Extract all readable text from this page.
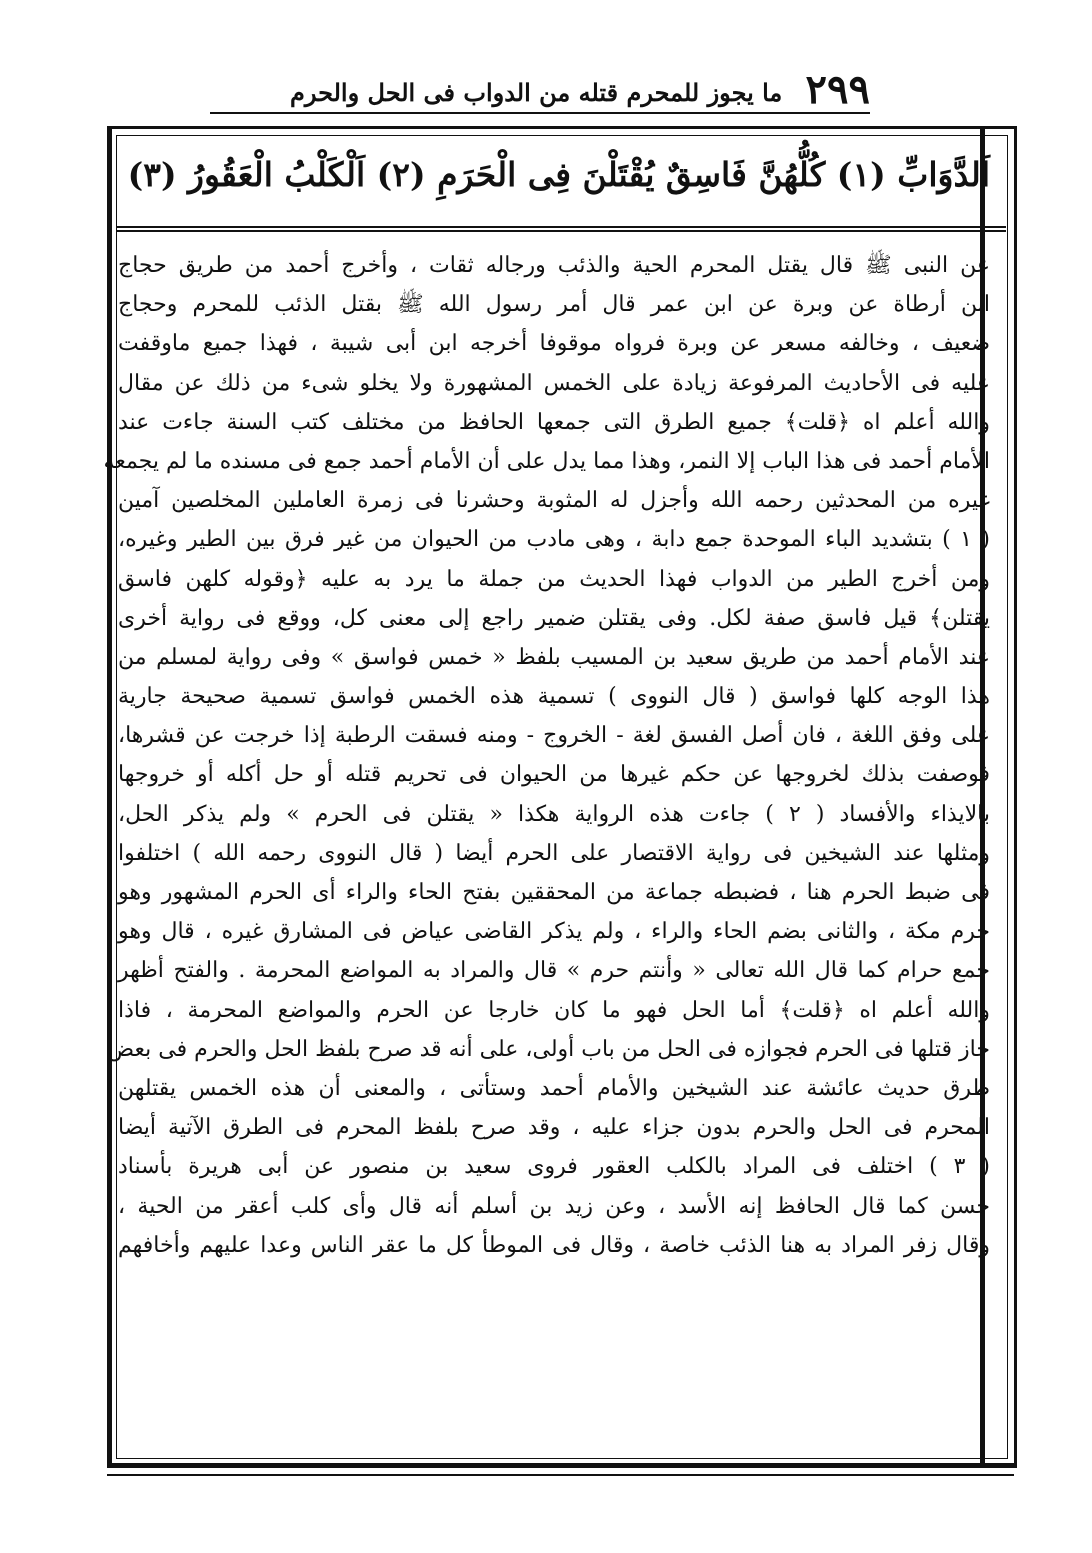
٢٩٩
ما يجوز للمحرم قتله من الدواب فى الحل والحرم
اَلدَّوَابِّ (١) كُلُّهُنَّ فَاسِقٌ يُقْتَلْنَ فِى الْحَرَمِ (٢) اَلْكَلْبُ الْعَقُورُ (٣)
عن النبى ﷺ قال يقتل المحرم الحية والذئب ورجاله ثقات ، وأخرج أحمد من طريق حجاج
ابن أرطاة عن وبرة عن ابن عمر قال أمر رسول الله ﷺ بقتل الذئب للمحرم وحجاج
ضعيف ، وخالفه مسعر عن وبرة فرواه موقوفا أخرجه ابن أبى شيبة ، فهذا جميع ماوقفت
عليه فى الأحاديث المرفوعة زيادة على الخمس المشهورة ولا يخلو شىء من ذلك عن مقال
والله أعلم اه ﴿قلت﴾ جميع الطرق التى جمعها الحافظ من مختلف كتب السنة جاءت عند
الأمام أحمد فى هذا الباب إلا النمر، وهذا مما يدل على أن الأمام أحمد جمع فى مسنده ما لم يجمعه
غيره من المحدثين رحمه الله وأجزل له المثوبة وحشرنا فى زمرة العاملين المخلصين آمين
( ١ ) بتشديد الباء الموحدة جمع دابة ، وهى مادب من الحيوان من غير فرق بين الطير وغيره،
ومن أخرج الطير من الدواب فهذا الحديث من جملة ما يرد به عليه ﴿وقوله كلهن فاسق
يقتلن﴾ قيل فاسق صفة لكل. وفى يقتلن ضمير راجع إلى معنى كل، ووقع فى رواية أخرى
عند الأمام أحمد من طريق سعيد بن المسيب بلفظ « خمس فواسق » وفى رواية لمسلم من
هذا الوجه كلها فواسق ( قال النووى ) تسمية هذه الخمس فواسق تسمية صحيحة جارية
على وفق اللغة ، فان أصل الفسق لغة - الخروج - ومنه فسقت الرطبة إذا خرجت عن قشرها،
فوصفت بذلك لخروجها عن حكم غيرها من الحيوان فى تحريم قتله أو حل أكله أو خروجها
بالايذاء والأفساد ( ٢ ) جاءت هذه الرواية هكذا « يقتلن فى الحرم » ولم يذكر الحل،
ومثلها عند الشيخين فى رواية الاقتصار على الحرم أيضا ( قال النووى رحمه الله ) اختلفوا
فى ضبط الحرم هنا ، فضبطه جماعة من المحققين بفتح الحاء والراء أى الحرم المشهور وهو
حرم مكة ، والثانى بضم الحاء والراء ، ولم يذكر القاضى عياض فى المشارق غيره ، قال وهو
جمع حرام كما قال الله تعالى « وأنتم حرم » قال والمراد به المواضع المحرمة . والفتح أظهر
والله أعلم اه ﴿قلت﴾ أما الحل فهو ما كان خارجا عن الحرم والمواضع المحرمة ، فاذا
جاز قتلها فى الحرم فجوازه فى الحل من باب أولى، على أنه قد صرح بلفظ الحل والحرم فى بعض
طرق حديث عائشة عند الشيخين والأمام أحمد وستأتى ، والمعنى أن هذه الخمس يقتلهن
المحرم فى الحل والحرم بدون جزاء عليه ، وقد صرح بلفظ المحرم فى الطرق الآتية أيضا
( ٣ ) اختلف فى المراد بالكلب العقور فروى سعيد بن منصور عن أبى هريرة بأسناد
حسن كما قال الحافظ إنه الأسد ، وعن زيد بن أسلم أنه قال وأى كلب أعقر من الحية ،
وقال زفر المراد به هنا الذئب خاصة ، وقال فى الموطأ كل ما عقر الناس وعدا عليهم وأخافهم
